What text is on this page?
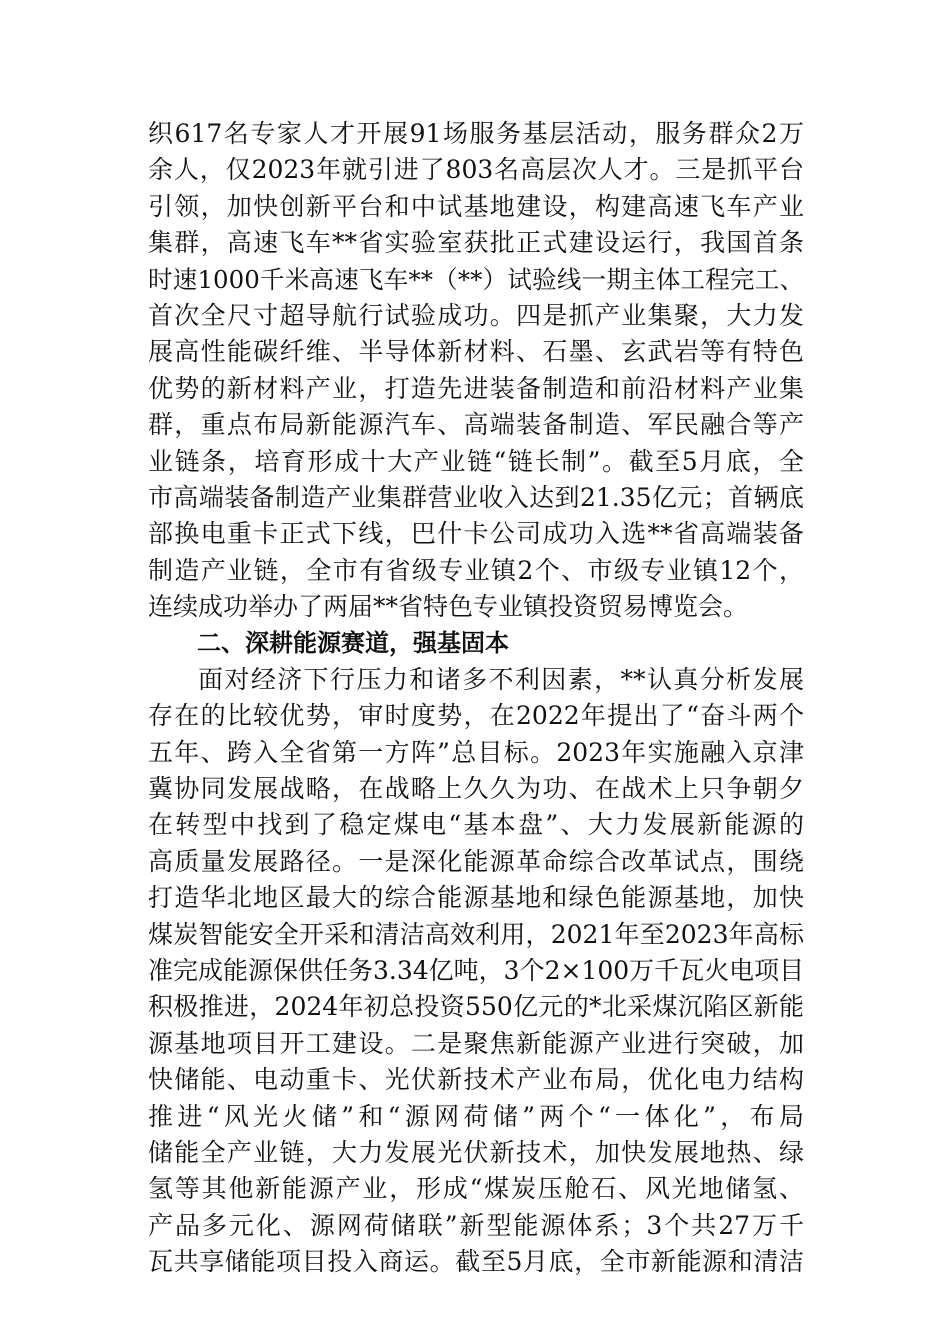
织617名专家人才开展91场服务基层活动，服务群众2万
余人，仅2023年就引进了803名高层次人才。三是抓平台
引领，加快创新平台和中试基地建设，构建高速飞车产业
集群，高速飞车**省实验室获批正式建设运行，我国首条
时速1000千米高速飞车**（**）试验线一期主体工程完工、
首次全尺寸超导航行试验成功。四是抓产业集聚，大力发
展高性能碳纤维、半导体新材料、石墨、玄武岩等有特色
优势的新材料产业，打造先进装备制造和前沿材料产业集
群，重点布局新能源汽车、高端装备制造、军民融合等产
业链条，培育形成十大产业链“链长制”。截至5月底，全
市高端装备制造产业集群营业收入达到21.35亿元；首辆底
部换电重卡正式下线，巴什卡公司成功入选**省高端装备
制造产业链，全市有省级专业镇2个、市级专业镇12个，
连续成功举办了两届**省特色专业镇投资贸易博览会。
二、深耕能源赛道，强基固本
面对经济下行压力和诸多不利因素，**认真分析发展
存在的比较优势，审时度势，在2022年提出了“奋斗两个
五年、跨入全省第一方阵”总目标。2023年实施融入京津
冀协同发展战略，在战略上久久为功、在战术上只争朝夕
在转型中找到了稳定煤电“基本盘”、大力发展新能源的
高质量发展路径。一是深化能源革命综合改革试点，围绕
打造华北地区最大的综合能源基地和绿色能源基地，加快
煤炭智能安全开采和清洁高效利用，2021年至2023年高标
准完成能源保供任务3.34亿吨，3个2×100万千瓦火电项目
积极推进，2024年初总投资550亿元的*北采煤沉陷区新能
源基地项目开工建设。二是聚焦新能源产业进行突破，加
快储能、电动重卡、光伏新技术产业布局，优化电力结构
推进“风光火储”和“源网荷储”两个“一体化”，布局
储能全产业链，大力发展光伏新技术，加快发展地热、绿
氢等其他新能源产业，形成“煤炭压舱石、风光地储氢、
产品多元化、源网荷储联”新型能源体系；3个共27万千
瓦共享储能项目投入商运。截至5月底，全市新能源和清洁
